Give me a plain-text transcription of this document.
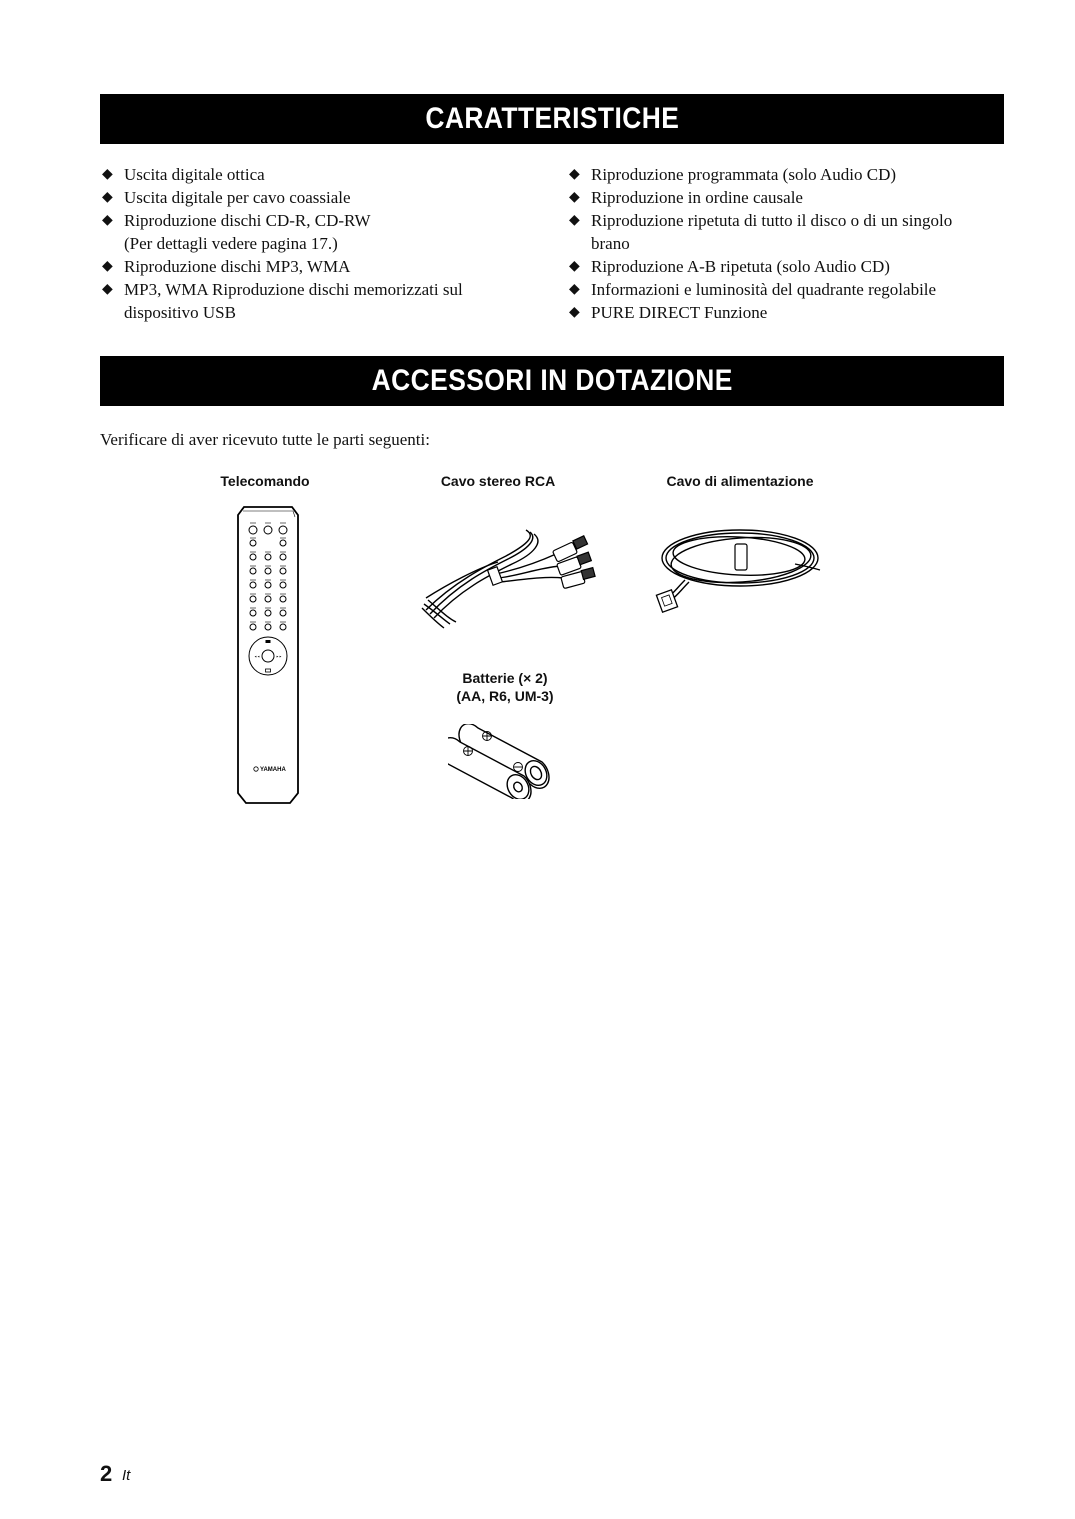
CARATTERISTICHE
◆ Uscita digitale ottica
◆ Uscita digitale per cavo coassiale
◆ Riproduzione dischi CD-R, CD-RW
(Per dettagli vedere pagina 17.)
◆ Riproduzione dischi MP3, WMA
◆ MP3, WMA Riproduzione dischi memorizzati sul
dispositivo USB
◆ Riproduzione programmata (solo Audio CD)
◆ Riproduzione in ordine causale
◆ Riproduzione ripetuta di tutto il disco o di un singolo
brano
◆ Riproduzione A-B ripetuta (solo Audio CD)
◆ Informazioni e luminosità del quadrante regolabile
◆ PURE DIRECT Funzione
ACCESSORI IN DOTAZIONE
Verificare di aver ricevuto tutte le parti seguenti:
Telecomando	Cavo stereo RCA	Cavo di alimentazione
Batterie (× 2)
(AA, R6, UM-3)
◄◄	►►
YAMAHA
2 It
